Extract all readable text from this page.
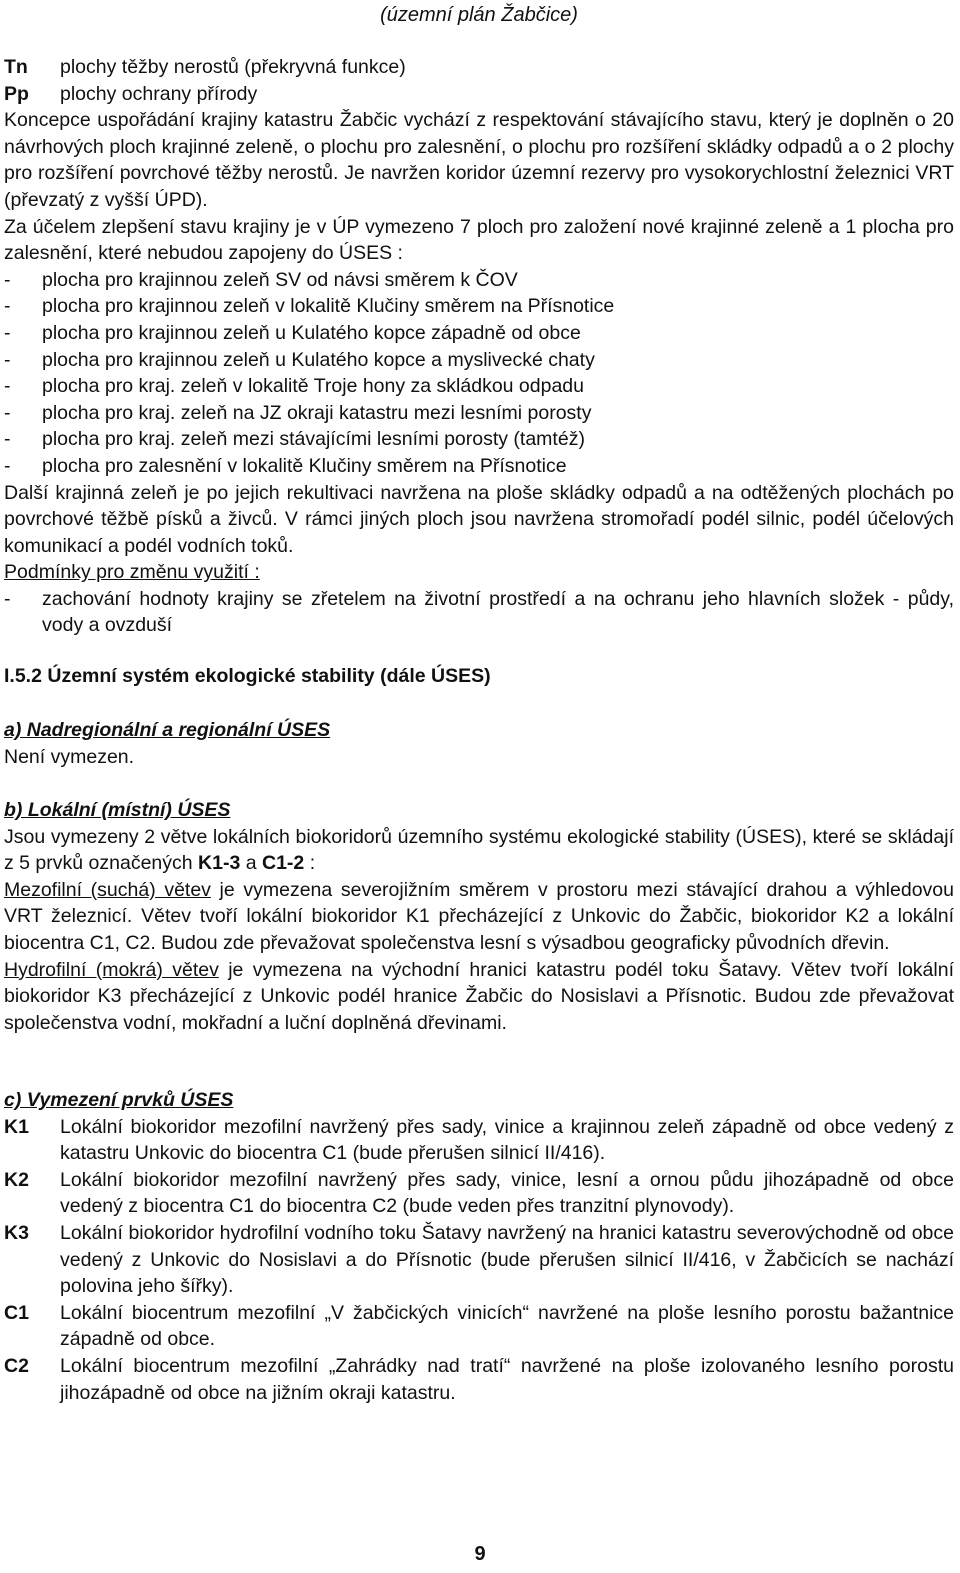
(územní plán Žabčice)
Tn	plochy těžby nerostů (překryvná funkce)
Pp	plochy ochrany přírody

Koncepce uspořádání krajiny katastru Žabčic vychází z respektování stávajícího stavu, který je doplněn o 20 návrhových ploch krajinné zeleně, o plochu pro zalesnění, o plochu pro rozšíření skládky odpadů a o 2 plochy pro rozšíření povrchové těžby nerostů. Je navržen koridor územní rezervy pro vysokorychlostní železnici VRT (převzatý z vyšší ÚPD).

Za účelem zlepšení stavu krajiny je v ÚP vymezeno 7 ploch pro založení nové krajinné zeleně a 1 plocha pro zalesnění, které nebudou zapojeny do ÚSES :

-	plocha pro krajinnou zeleň SV od návsi směrem k ČOV
-	plocha pro krajinnou zeleň v lokalitě Klučiny směrem na Přísnotice
-	plocha pro krajinnou zeleň u Kulatého kopce západně od obce
-	plocha pro krajinnou zeleň u Kulatého kopce a myslivecké chaty
-	plocha pro kraj. zeleň v lokalitě Troje hony za skládkou odpadu
-	plocha pro kraj. zeleň na JZ okraji katastru mezi lesními porosty
-	plocha pro kraj. zeleň mezi stávajícími lesními porosty (tamtéž)
-	plocha pro zalesnění v lokalitě Klučiny směrem na Přísnotice

Další krajinná zeleň je po jejich rekultivaci navržena na ploše skládky odpadů a na odtěžených plochách po povrchové těžbě písků a živců. V rámci jiných ploch jsou navržena stromořadí podél silnic, podél účelových komunikací a podél vodních toků.

Podmínky pro změnu využití :

-	zachování hodnoty krajiny se zřetelem na životní prostředí a na ochranu jeho hlavních složek - půdy, vody a ovzduší
I.5.2 Územní systém ekologické stability (dále ÚSES)

a) Nadregionální a regionální ÚSES

Není vymezen.

b) Lokální (místní) ÚSES

Jsou vymezeny 2 větve lokálních biokoridorů územního systému ekologické stability (ÚSES), které se skládají z 5 prvků označených K1-3 a C1-2 :

Mezofilní (suchá) větev je vymezena severojižním směrem v prostoru mezi stávající drahou a výhledovou VRT železnicí. Větev tvoří lokální biokoridor K1 přecházející z Unkovic do Žabčic, biokoridor K2 a lokální biocentra C1, C2. Budou zde převažovat společenstva lesní s výsadbou geograficky původních dřevin.

Hydrofilní (mokrá) větev je vymezena na východní hranici katastru podél toku Šatavy. Větev tvoří lokální biokoridor K3 přecházející z Unkovic podél hranice Žabčic do Nosislavi a Přísnotic. Budou zde převažovat společenstva vodní, mokřadní a luční doplněná dřevinami.

c) Vymezení prvků ÚSES

K1	Lokální biokoridor mezofilní navržený přes sady, vinice a krajinnou zeleň západně od obce vedený z katastru Unkovic do biocentra C1 (bude přerušen silnicí II/416).
K2	Lokální biokoridor mezofilní navržený přes sady, vinice, lesní a ornou půdu jihozápadně od obce vedený z biocentra C1 do biocentra C2 (bude veden přes tranzitní plynovody).
K3	Lokální biokoridor hydrofilní vodního toku Šatavy navržený na hranici katastru severovýchodně od obce vedený z Unkovic do Nosislavi a do Přísnotic (bude přerušen silnicí II/416, v Žabčicích se nachází polovina jeho šířky).
C1	Lokální biocentrum mezofilní „V žabčických vinicích“ navržené na ploše lesního porostu bažantnice západně od obce.
C2	Lokální biocentrum mezofilní „Zahrádky nad tratí“ navržené na ploše izolovaného lesního porostu jihozápadně od obce na jižním okraji katastru.
9
